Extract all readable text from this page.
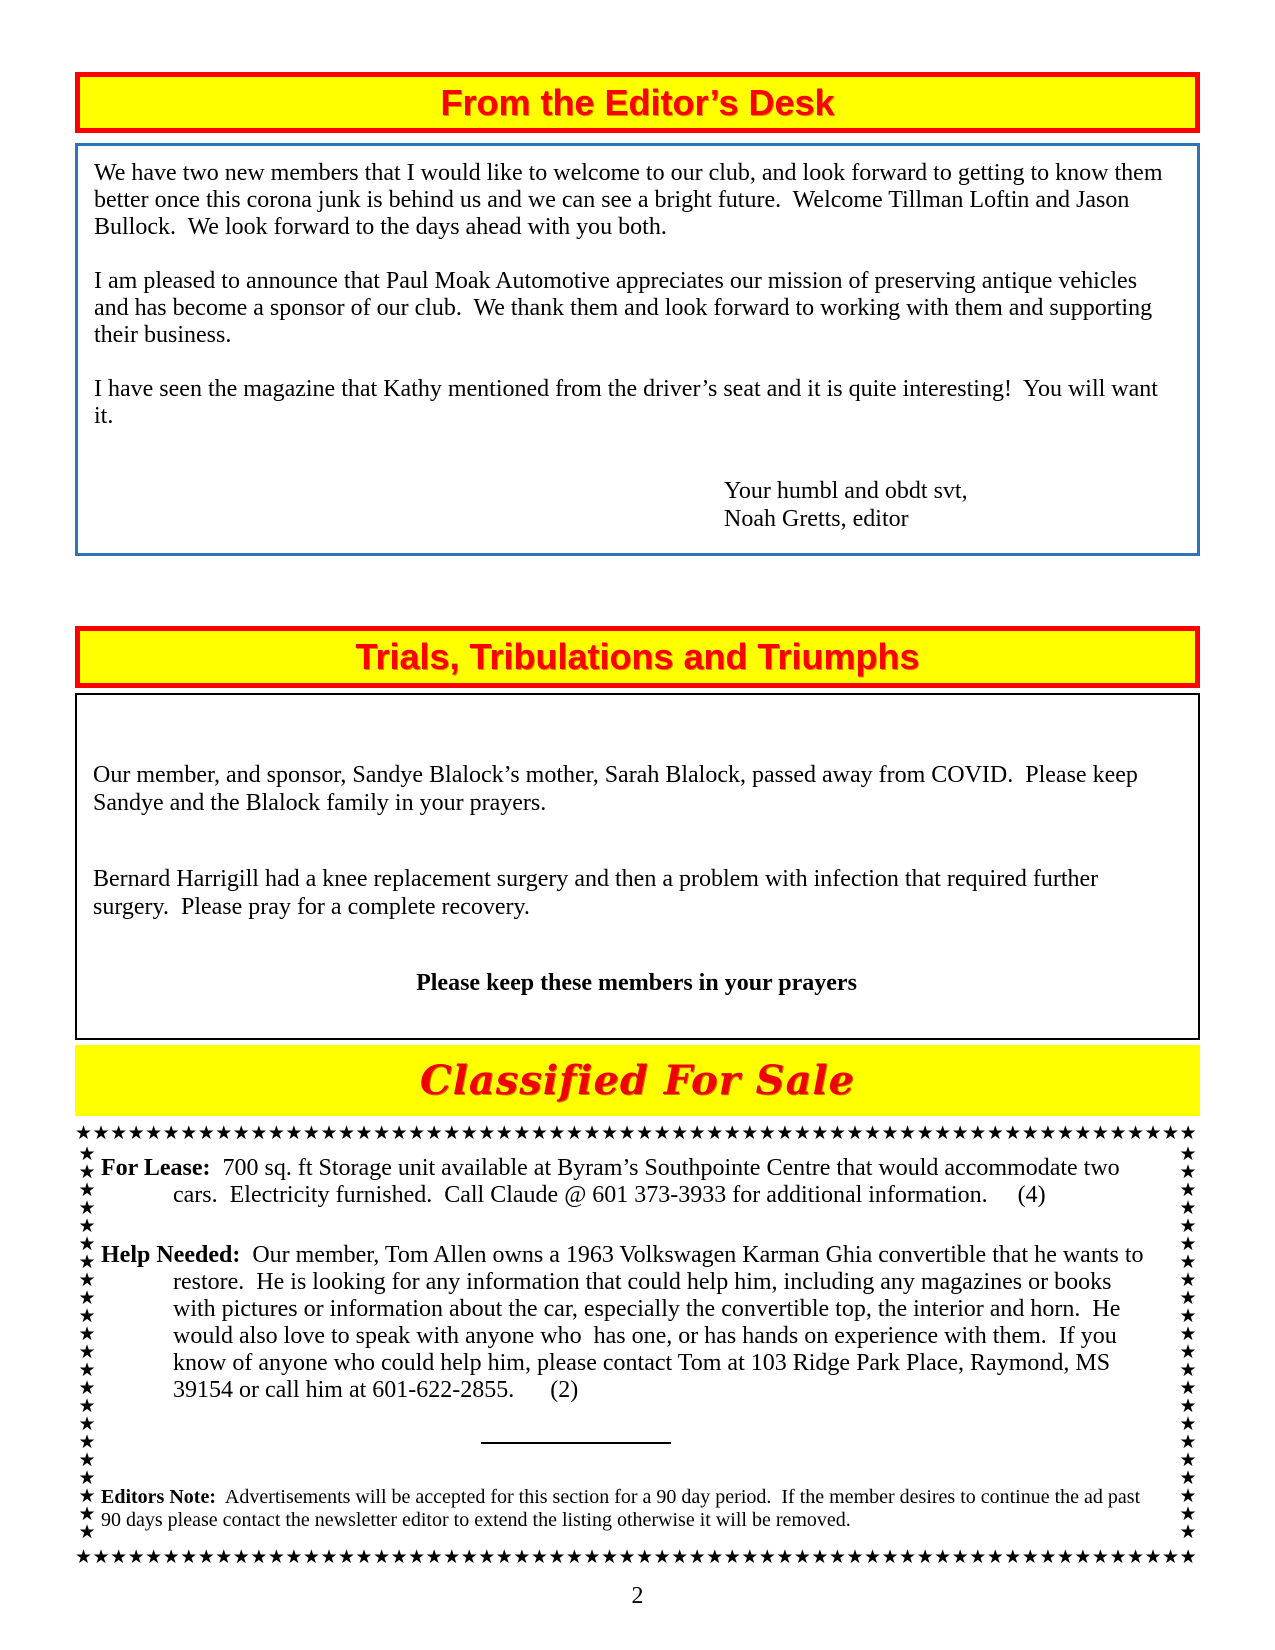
From the Editor’s Desk

We have two new members that I would like to welcome to our club, and look forward to getting to know them better once this corona junk is behind us and we can see a bright future.  Welcome Tillman Loftin and Jason Bullock.  We look forward to the days ahead with you both.

I am pleased to announce that Paul Moak Automotive appreciates our mission of preserving antique vehicles and has become a sponsor of our club.  We thank them and look forward to working with them and supporting their business.

I have seen the magazine that Kathy mentioned from the driver’s seat and it is quite interesting!  You will want it.

Your humbl and obdt svt,
Noah Gretts, editor
Trials, Tribulations and Triumphs

Our member, and sponsor, Sandye Blalock’s mother, Sarah Blalock, passed away from COVID.  Please keep Sandye and the Blalock family in your prayers.

Bernard Harrigill had a knee replacement surgery and then a problem with infection that required further surgery.  Please pray for a complete recovery.

Please keep these members in your prayers

Classified For Sale
★★★★★★★★★★★★★★★★★★★★★★★★★★★★★★★★★★★★★★★★★★★★★★★★★★★★★★★★★★★★★★★★
★★★★★★★★★★★★★★★★★★★★★★

For Lease:  700 sq. ft Storage unit available at Byram’s Southpointe Centre that would accommodate two cars.  Electricity furnished.  Call Claude @ 601 373-3933 for additional information.     (4)

Help Needed:  Our member, Tom Allen owns a 1963 Volkswagen Karman Ghia convertible that he wants to restore.  He is looking for any information that could help him, including any magazines or books with pictures or information about the car, especially the convertible top, the interior and horn.  He would also love to speak with anyone who  has one, or has hands on experience with them.  If you know of anyone who could help him, please contact Tom at 103 Ridge Park Place, Raymond, MS 39154 or call him at 601-622-2855.      (2)

Editors Note:  Advertisements will be accepted for this section for a 90 day period.  If the member desires to continue the ad past 90 days please contact the newsletter editor to extend the listing otherwise it will be removed.

★★★★★★★★★★★★★★★★★★★★★★
★★★★★★★★★★★★★★★★★★★★★★★★★★★★★★★★★★★★★★★★★★★★★★★★★★★★★★★★★★★★★★★★
2
